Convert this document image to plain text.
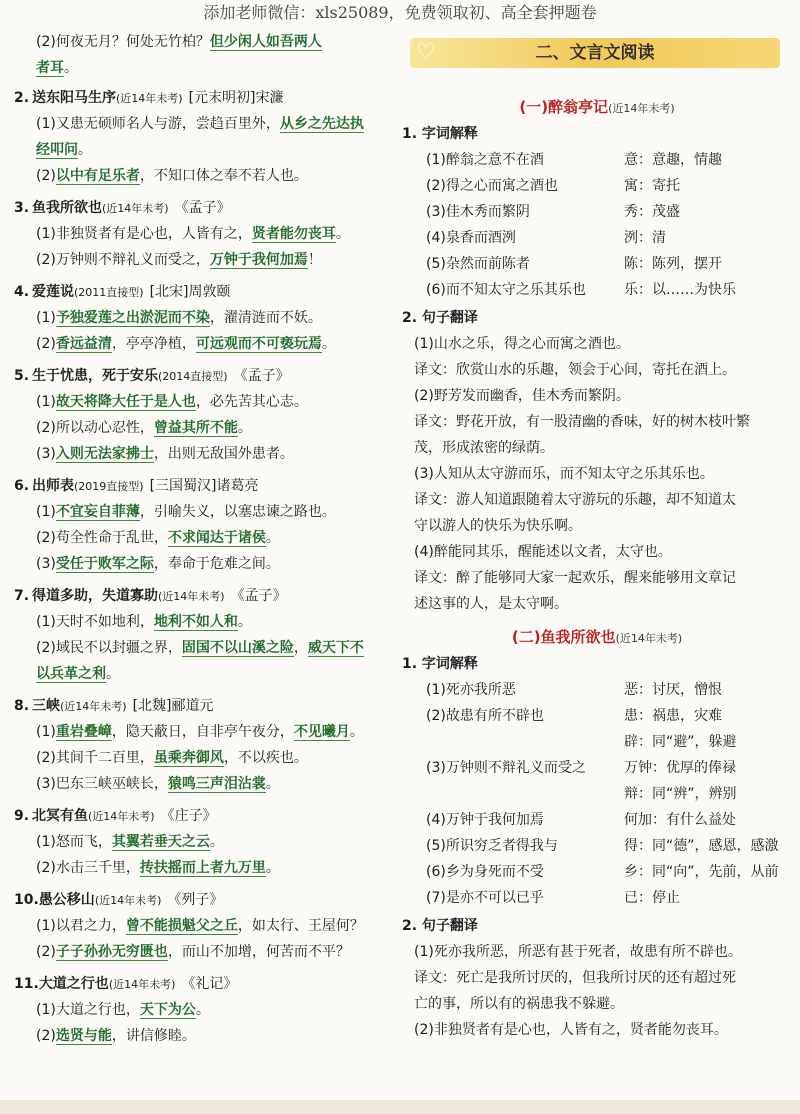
添加老师微信：xls25089，免费领取初、高全套押题卷
(2)何夜无月？何处无竹柏？但少闲人如吾两人
者耳。
2. 送东阳马生序(近14年未考) [元末明初]宋濂
(1)又患无硕师名人与游，尝趋百里外，从乡之先达执
经叩问。
(2)以中有足乐者，不知口体之奉不若人也。
3. 鱼我所欲也(近14年未考) 《孟子》
(1)非独贤者有是心也，人皆有之，贤者能勿丧耳。
(2)万钟则不辩礼义而受之，万钟于我何加焉！
4. 爱莲说(2011直接型) [北宋]周敦颐
(1)予独爱莲之出淤泥而不染，濯清涟而不妖。
(2)香远益清，亭亭净植，可远观而不可亵玩焉。
5. 生于忧患，死于安乐(2014直接型) 《孟子》
(1)故天将降大任于是人也，必先苦其心志。
(2)所以动心忍性，曾益其所不能。
(3)入则无法家拂士，出则无敌国外患者。
6. 出师表(2019直接型) [三国蜀汉]诸葛亮
(1)不宜妄自菲薄，引喻失义，以塞忠谏之路也。
(2)苟全性命于乱世，不求闻达于诸侯。
(3)受任于败军之际，奉命于危难之间。
7. 得道多助，失道寡助(近14年未考) 《孟子》
(1)天时不如地利，地利不如人和。
(2)域民不以封疆之界，固国不以山溪之险，威天下不
以兵革之利。
8. 三峡(近14年未考) [北魏]郦道元
(1)重岩叠嶂，隐天蔽日，自非亭午夜分，不见曦月。
(2)其间千二百里，虽乘奔御风，不以疾也。
(3)巴东三峡巫峡长，猿鸣三声泪沾裳。
9. 北冥有鱼(近14年未考) 《庄子》
(1)怒而飞，其翼若垂天之云。
(2)水击三千里，抟扶摇而上者九万里。
10.愚公移山(近14年未考) 《列子》
(1)以君之力，曾不能损魁父之丘，如太行、王屋何？
(2)子子孙孙无穷匮也，而山不加增，何苦而不平？
11.大道之行也(近14年未考) 《礼记》
(1)大道之行也，天下为公。
(2)选贤与能，讲信修睦。
♡	二、文言文阅读
(一)醉翁亭记(近14年未考)
1. 字词解释
(1)醉翁之意不在酒	意：意趣，情趣
(2)得之心而寓之酒也	寓：寄托
(3)佳木秀而繁阴	秀：茂盛
(4)泉香而酒洌	洌：清
(5)杂然而前陈者	陈：陈列，摆开
(6)而不知太守之乐其乐也	乐：以……为快乐
2. 句子翻译
(1)山水之乐，得之心而寓之酒也。
译文：欣赏山水的乐趣，领会于心间，寄托在酒上。
(2)野芳发而幽香，佳木秀而繁阴。
译文：野花开放，有一股清幽的香味，好的树木枝叶繁
茂，形成浓密的绿荫。
(3)人知从太守游而乐，而不知太守之乐其乐也。
译文：游人知道跟随着太守游玩的乐趣，却不知道太
守以游人的快乐为快乐啊。
(4)醉能同其乐，醒能述以文者，太守也。
译文：醉了能够同大家一起欢乐，醒来能够用文章记
述这事的人，是太守啊。
(二)鱼我所欲也(近14年未考)
1. 字词解释
(1)死亦我所恶	恶：讨厌，憎恨
(2)故患有所不辟也	患：祸患，灾难
辟：同“避”，躲避
(3)万钟则不辩礼义而受之	万钟：优厚的俸禄
辩：同“辨”，辨别
(4)万钟于我何加焉	何加：有什么益处
(5)所识穷乏者得我与	得：同“德”，感恩，感激
(6)乡为身死而不受	乡：同“向”，先前，从前
(7)是亦不可以已乎	已：停止
2. 句子翻译
(1)死亦我所恶，所恶有甚于死者，故患有所不辟也。
译文：死亡是我所讨厌的，但我所讨厌的还有超过死
亡的事，所以有的祸患我不躲避。
(2)非独贤者有是心也，人皆有之，贤者能勿丧耳。
